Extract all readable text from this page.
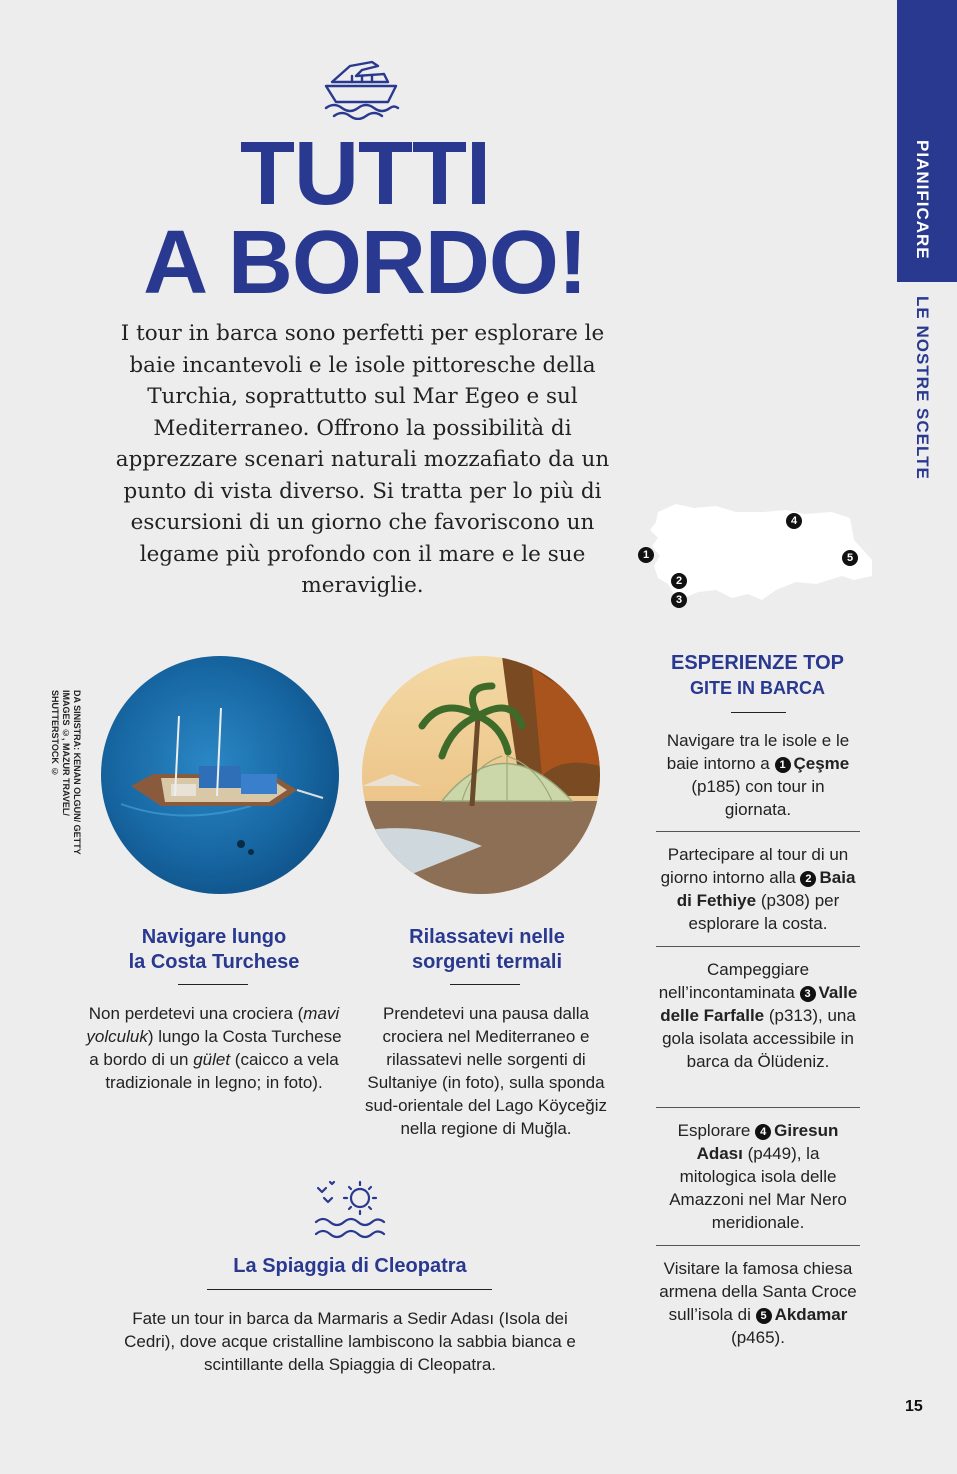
PIANIFICARE
LE NOSTRE SCELTE
TUTTI
A BORDO!
I tour in barca sono perfetti per esplorare le baie incantevoli e le isole pittoresche della Turchia, soprattutto sul Mar Egeo e sul Mediterraneo. Offrono la possibilità di apprezzare scenari naturali mozzafiato da un punto di vista diverso. Si tratta per lo più di escursioni di un giorno che favoriscono un legame più profondo con il mare e le sue meraviglie.
DA SINISTRA: KENAN OLGUN/ GETTY IMAGES ©, MAZUR TRAVEL/ SHUTTERSTOCK ©
Navigare lungo
la Costa Turchese
Non perdetevi una crociera (mavi yolculuk) lungo la Costa Turchese a bordo di un gület (caicco a vela tradizionale in legno; in foto).
Rilassatevi nelle
sorgenti termali
Prendetevi una pausa dalla crociera nel Mediterraneo e rilassatevi nelle sorgenti di Sultaniye (in foto), sulla sponda sud-orientale del Lago Köyceğiz nella regione di Muğla.
La Spiaggia di Cleopatra
Fate un tour in barca da Marmaris a Sedir Adası (Isola dei Cedri), dove acque cristalline lambiscono la sabbia bianca e scintillante della Spiaggia di Cleopatra.
1
2
3
4
5
ESPERIENZE TOP
GITE IN BARCA
Navigare tra le isole e le baie intorno a 1 Çeşme (p185) con tour in giornata.
Partecipare al tour di un giorno intorno alla 2 Baia di Fethiye (p308) per esplorare la costa.
Campeggiare nell’incontaminata 3 Valle delle Farfalle (p313), una gola isolata accessibile in barca da Ölüdeniz.
Esplorare 4 Giresun Adası (p449), la mitologica isola delle Amazzoni nel Mar Nero meridionale.
Visitare la famosa chiesa armena della Santa Croce sull’isola di 5 Akdamar (p465).
15
